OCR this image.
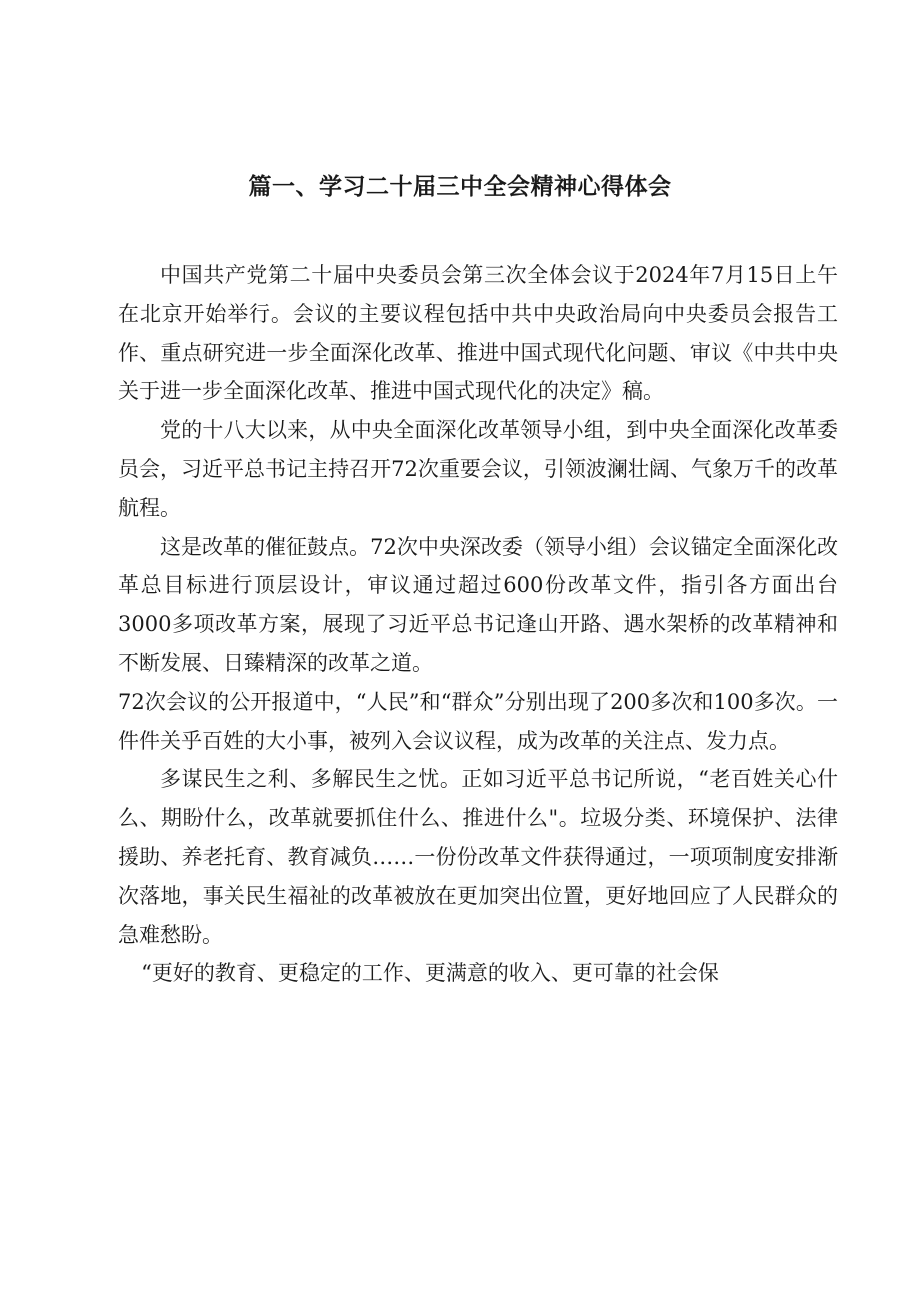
篇一、学习二十届三中全会精神心得体会

中国共产党第二十届中央委员会第三次全体会议于2024年7月15日上午在北京开始举行。会议的主要议程包括中共中央政治局向中央委员会报告工作、重点研究进一步全面深化改革、推进中国式现代化问题、审议《中共中央关于进一步全面深化改革、推进中国式现代化的决定》稿。

党的十八大以来，从中央全面深化改革领导小组，到中央全面深化改革委员会，习近平总书记主持召开72次重要会议，引领波澜壮阔、气象万千的改革航程。

这是改革的催征鼓点。72次中央深改委（领导小组）会议锚定全面深化改革总目标进行顶层设计，审议通过超过600份改革文件，指引各方面出台3000多项改革方案，展现了习近平总书记逢山开路、遇水架桥的改革精神和不断发展、日臻精深的改革之道。

72次会议的公开报道中，“人民”和“群众”分别出现了200多次和100多次。一件件关乎百姓的大小事，被列入会议议程，成为改革的关注点、发力点。

多谋民生之利、多解民生之忧。正如习近平总书记所说，“老百姓关心什么、期盼什么，改革就要抓住什么、推进什么"。垃圾分类、环境保护、法律援助、养老托育、教育减负……一份份改革文件获得通过，一项项制度安排渐次落地，事关民生福祉的改革被放在更加突出位置，更好地回应了人民群众的急难愁盼。

“更好的教育、更稳定的工作、更满意的收入、更可靠的社会保
